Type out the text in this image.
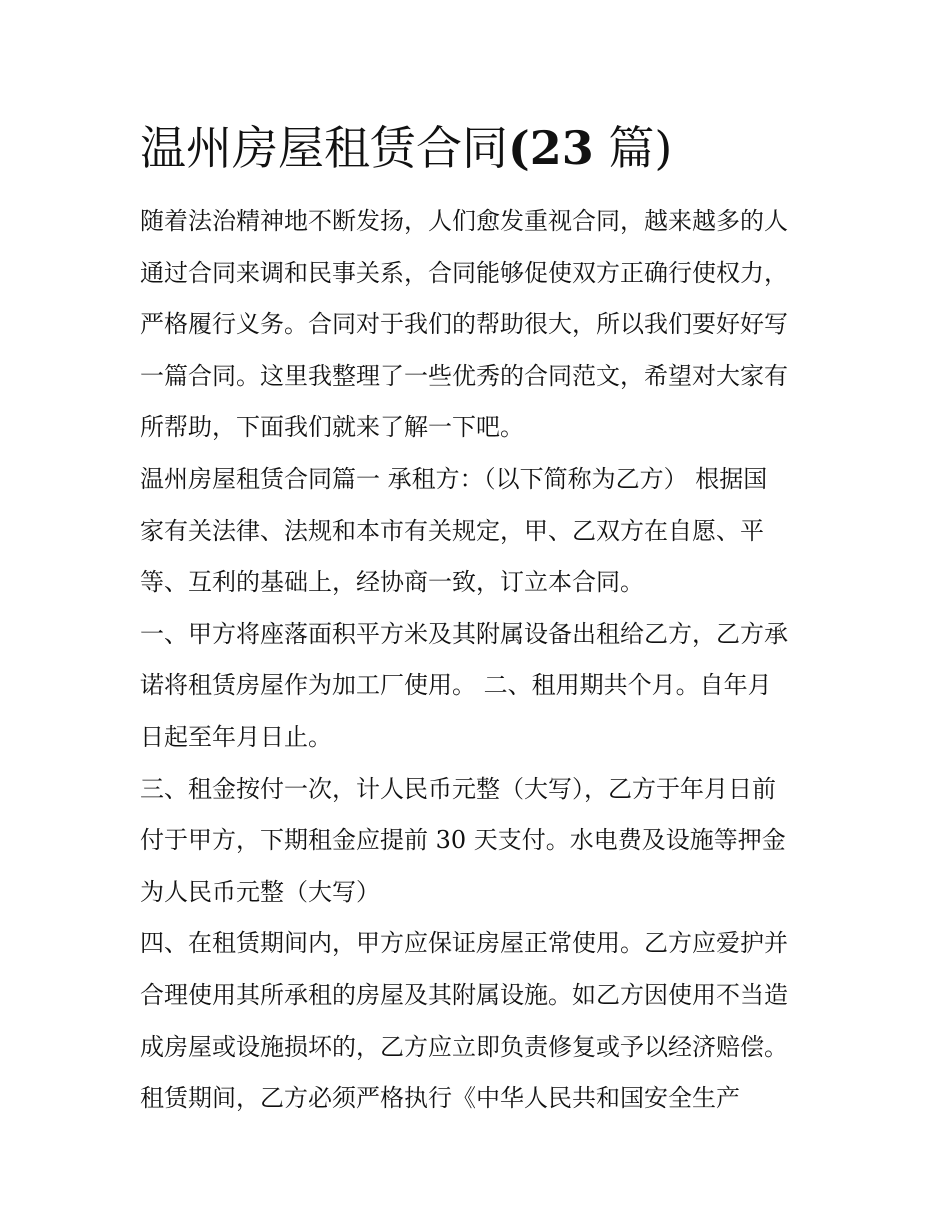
温州房屋租赁合同(23 篇)
随着法治精神地不断发扬，人们愈发重视合同，越来越多的人
通过合同来调和民事关系，合同能够促使双方正确行使权力，
严格履行义务。合同对于我们的帮助很大，所以我们要好好写
一篇合同。这里我整理了一些优秀的合同范文，希望对大家有
所帮助，下面我们就来了解一下吧。
温州房屋租赁合同篇一 承租方：（以下简称为乙方） 根据国
家有关法律、法规和本市有关规定，甲、乙双方在自愿、平
等、互利的基础上，经协商一致，订立本合同。
一、甲方将座落面积平方米及其附属设备出租给乙方，乙方承
诺将租赁房屋作为加工厂使用。 二、租用期共个月。自年月
日起至年月日止。
三、租金按付一次，计人民币元整（大写），乙方于年月日前
付于甲方，下期租金应提前 30 天支付。水电费及设施等押金
为人民币元整（大写）
四、在租赁期间内，甲方应保证房屋正常使用。乙方应爱护并
合理使用其所承租的房屋及其附属设施。如乙方因使用不当造
成房屋或设施损坏的，乙方应立即负责修复或予以经济赔偿。
租赁期间，乙方必须严格执行《中华人民共和国安全生产
